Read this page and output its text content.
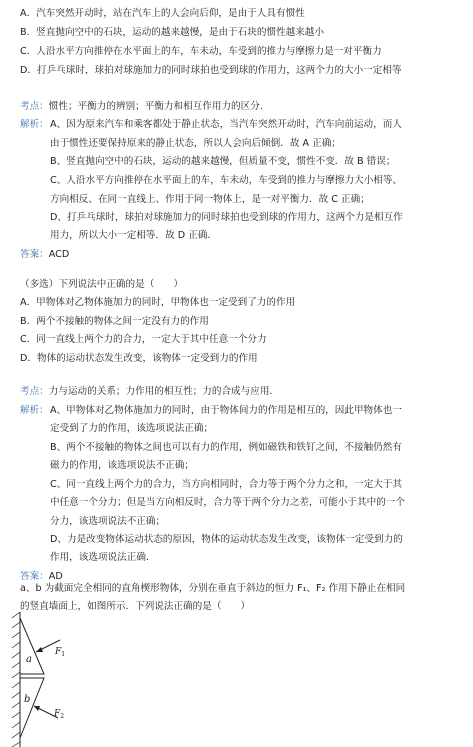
A．汽车突然开动时，站在汽车上的人会向后仰，是由于人具有惯性
B．竖直抛向空中的石块，运动的越来越慢，是由于石块的惯性越来越小
C．人沿水平方向推停在水平面上的车，车未动，车受到的推力与摩擦力是一对平衡力
D．打乒乓球时，球拍对球施加力的同时球拍也受到球的作用力，这两个力的大小一定相等
考点：惯性；平衡力的辨别；平衡力和相互作用力的区分.
解析： A、因为原来汽车和乘客都处于静止状态，当汽车突然开动时，汽车向前运动，而人
由于惯性还要保持原来的静止状态，所以人会向后倾倒．故 A 正确；
B、竖直抛向空中的石块，运动的越来越慢，但质量不变，惯性不变．故 B 错误；
C、人沿水平方向推停在水平面上的车，车未动，车受到的推力与摩擦力大小相等、
方向相反、在同一直线上、作用于同一物体上，是一对平衡力．故 C 正确；
D、打乒乓球时，球拍对球施加力的同时球拍也受到球的作用力，这两个力是相互作
用力，所以大小一定相等．故 D 正确.
答案：ACD
（多选）下列说法中正确的是（　　）
A．甲物体对乙物体施加力的同时，甲物体也一定受到了力的作用
B．两个不接触的物体之间一定没有力的作用
C．同一直线上两个力的合力，一定大于其中任意一个分力
D．物体的运动状态发生改变，该物体一定受到力的作用
考点：力与运动的关系；力作用的相互性；力的合成与应用．
解析： A、甲物体对乙物体施加力的同时，由于物体间力的作用是相互的，因此甲物体也一
定受到了力的作用，该选项说法正确；
B、两个不接触的物体之间也可以有力的作用，例如磁铁和铁钉之间，不接触仍然有
磁力的作用，该选项说法不正确；
C、同一直线上两个力的合力，当方向相同时，合力等于两个分力之和，一定大于其
中任意一个分力；但是当方向相反时，合力等于两个分力之差，可能小于其中的一个
分力，该选项说法不正确；
D、力是改变物体运动状态的原因，物体的运动状态发生改变，该物体一定受到力的
作用，该选项说法正确．
答案：AD
a、b 为截面完全相同的直角楔形物体，分别在垂直于斜边的恒力 F₁、F₂ 作用下静止在相同
的竖直墙面上，如图所示．下列说法正确的是（　　）
a
$F_1$
b
$F_2$
